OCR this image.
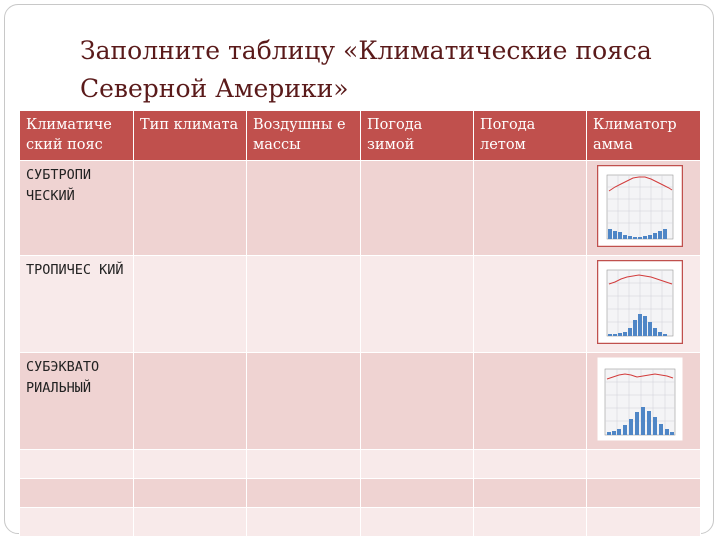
Заполните таблицу «Климатические пояса Северной Америки»
Климатиче ский пояс	Тип климата	Воздушны е массы	Погода зимой	Погода летом	Климатогр амма
СУБТРОПИ ЧЕСКИЙ					
ТРОПИЧЕС КИЙ					
СУБЭКВАТО РИАЛЬНЫЙ					
